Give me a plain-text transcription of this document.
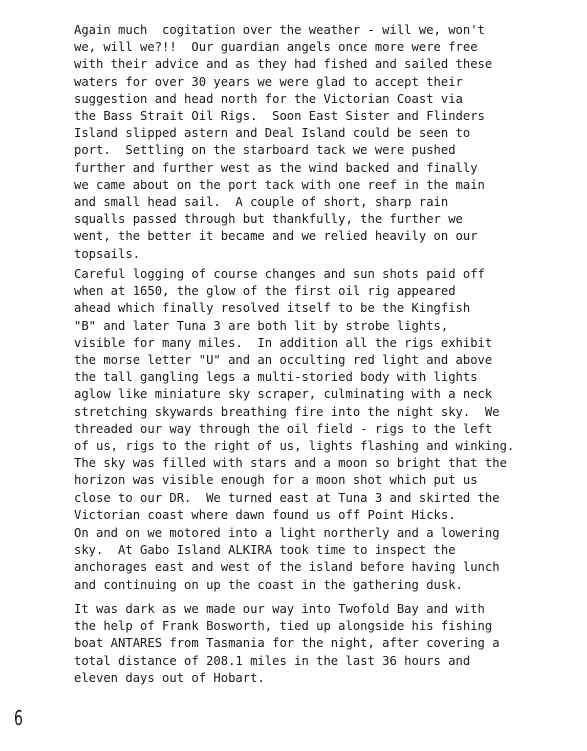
Again much  cogitation over the weather - will we, won't
we, will we?!!  Our guardian angels once more were free
with their advice and as they had fished and sailed these
waters for over 30 years we were glad to accept their
suggestion and head north for the Victorian Coast via
the Bass Strait Oil Rigs.  Soon East Sister and Flinders
Island slipped astern and Deal Island could be seen to
port.  Settling on the starboard tack we were pushed
further and further west as the wind backed and finally
we came about on the port tack with one reef in the main
and small head sail.  A couple of short, sharp rain
squalls passed through but thankfully, the further we
went, the better it became and we relied heavily on our
topsails.
Careful logging of course changes and sun shots paid off
when at 1650, the glow of the first oil rig appeared
ahead which finally resolved itself to be the Kingfish
"B" and later Tuna 3 are both lit by strobe lights,
visible for many miles.  In addition all the rigs exhibit
the morse letter "U" and an occulting red light and above
the tall gangling legs a multi-storied body with lights
aglow like miniature sky scraper, culminating with a neck
stretching skywards breathing fire into the night sky.  We
threaded our way through the oil field - rigs to the left
of us, rigs to the right of us, lights flashing and winking.
The sky was filled with stars and a moon so bright that the
horizon was visible enough for a moon shot which put us
close to our DR.  We turned east at Tuna 3 and skirted the
Victorian coast where dawn found us off Point Hicks.
On and on we motored into a light northerly and a lowering
sky.  At Gabo Island ALKIRA took time to inspect the
anchorages east and west of the island before having lunch
and continuing on up the coast in the gathering dusk.
It was dark as we made our way into Twofold Bay and with
the help of Frank Bosworth, tied up alongside his fishing
boat ANTARES from Tasmania for the night, after covering a
total distance of 208.1 miles in the last 36 hours and
eleven days out of Hobart.
6
